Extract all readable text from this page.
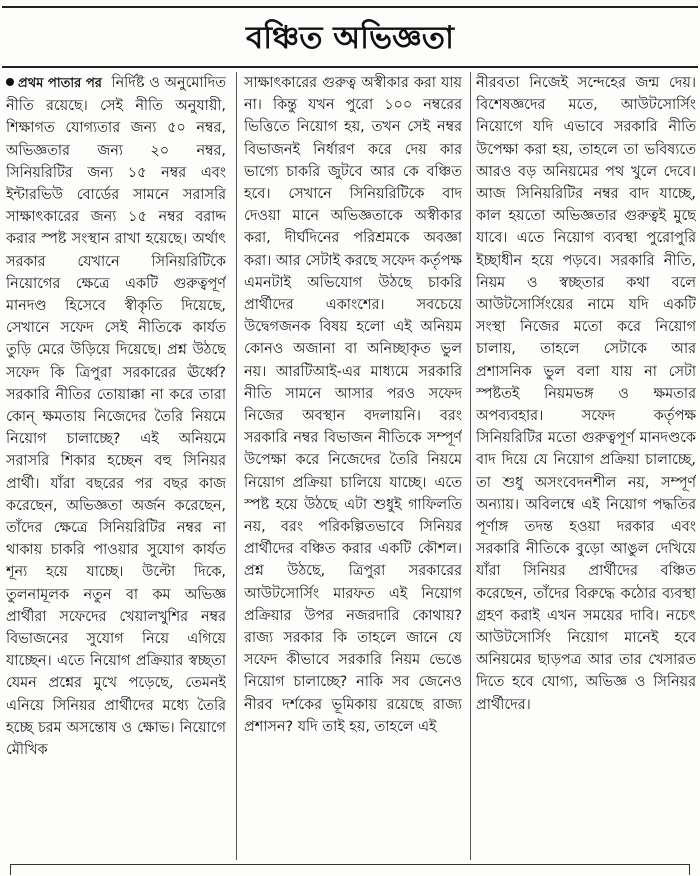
বঞ্চিত অভিজ্ঞতা

প্রথম পাতার পর নির্দিষ্ট ও অনুমোদিত নীতি রয়েছে। সেই নীতি অনুযায়ী, শিক্ষাগত যোগ্যতার জন্য ৫০ নম্বর, অভিজ্ঞতার জন্য ২০ নম্বর, সিনিয়রিটির জন্য ১৫ নম্বর এবং ইন্টারভিউ বোর্ডের সামনে সরাসরি সাক্ষাৎকারের জন্য ১৫ নম্বর বরাদ্দ করার স্পষ্ট সংস্থান রাখা হয়েছে। অর্থাৎ সরকার যেখানে সিনিয়রিটিকে নিয়োগের ক্ষেত্রে একটি গুরুত্বপূর্ণ মানদণ্ড হিসেবে স্বীকৃতি দিয়েছে, সেখানে সফেদ সেই নীতিকে কার্যত তুড়ি মেরে উড়িয়ে দিয়েছে। প্রশ্ন উঠছে সফেদ কি ত্রিপুরা সরকারের ঊর্ধ্বে? সরকারি নীতির তোয়াক্কা না করে তারা কোন্‌ ক্ষমতায় নিজেদের তৈরি নিয়মে নিয়োগ চালাচ্ছে? এই অনিয়মে সরাসরি শিকার হচ্ছেন বহু সিনিয়র প্রার্থী। যাঁরা বছরের পর বছর কাজ করেছেন, অভিজ্ঞতা অর্জন করেছেন, তাঁদের ক্ষেত্রে সিনিয়রিটির নম্বর না থাকায় চাকরি পাওয়ার সুযোগ কার্যত শূন্য হয়ে যাচ্ছে। উল্টো দিকে, তুলনামূলক নতুন বা কম অভিজ্ঞ প্রার্থীরা সফেদের খেয়ালখুশির নম্বর বিভাজনের সুযোগ নিয়ে এগিয়ে যাচ্ছেন। এতে নিয়োগ প্রক্রিয়ার স্বচ্ছতা যেমন প্রশ্নের মুখে পড়েছে, তেমনই এনিয়ে সিনিয়র প্রার্থীদের মধ্যে তৈরি হচ্ছে চরম অসন্তোষ ও ক্ষোভ। নিয়োগে মৌখিক

সাক্ষাৎকারের গুরুত্ব অস্বীকার করা যায় না। কিন্তু যখন পুরো ১০০ নম্বরের ভিত্তিতে নিয়োগ হয়, তখন সেই নম্বর বিভাজনই নির্ধারণ করে দেয় কার ভাগ্যে চাকরি জুটবে আর কে বঞ্চিত হবে। সেখানে সিনিয়রিটিকে বাদ দেওয়া মানে অভিজ্ঞতাকে অস্বীকার করা, দীর্ঘদিনের পরিশ্রমকে অবজ্ঞা করা। আর সেটাই করছে সফেদ কর্তৃপক্ষ এমনটাই অভিযোগ উঠছে চাকরি প্রার্থীদের একাংশের। সবচেয়ে উদ্বেগজনক বিষয় হলো এই অনিয়ম কোনও অজানা বা অনিচ্ছাকৃত ভুল নয়। আরটিআই-এর মাধ্যমে সরকারি নীতি সামনে আসার পরও সফেদ নিজের অবস্থান বদলায়নি। বরং সরকারি নম্বর বিভাজন নীতিকে সম্পূর্ণ উপেক্ষা করে নিজেদের তৈরি নিয়মে নিয়োগ প্রক্রিয়া চালিয়ে যাচ্ছে। এতে স্পষ্ট হয়ে উঠছে এটা শুধুই গাফিলতি নয়, বরং পরিকল্পিতভাবে সিনিয়র প্রার্থীদের বঞ্চিত করার একটি কৌশল। প্রশ্ন উঠছে, ত্রিপুরা সরকারের আউটসোর্সিং মারফত এই নিয়োগ প্রক্রিয়ার উপর নজরদারি কোথায়? রাজ্য সরকার কি তাহলে জানে যে সফেদ কীভাবে সরকারি নিয়ম ভেঙে নিয়োগ চালাচ্ছে? নাকি সব জেনেও নীরব দর্শকের ভূমিকায় রয়েছে রাজ্য প্রশাসন? যদি তাই হয়, তাহলে এই

নীরবতা নিজেই সন্দেহের জন্ম দেয়। বিশেষজ্ঞদের মতে, আউটসোর্সিং নিয়োগে যদি এভাবে সরকারি নীতি উপেক্ষা করা হয়, তাহলে তা ভবিষ্যতে আরও বড় অনিয়মের পথ খুলে দেবে। আজ সিনিয়রিটির নম্বর বাদ যাচ্ছে, কাল হয়তো অভিজ্ঞতার গুরুত্বই মুছে যাবে। এতে নিয়োগ ব্যবস্থা পুরোপুরি ইচ্ছাধীন হয়ে পড়বে। সরকারি নীতি, নিয়ম ও স্বচ্ছতার কথা বলে আউটসোর্সিংয়ের নামে যদি একটি সংস্থা নিজের মতো করে নিয়োগ চালায়, তাহলে সেটাকে আর প্রশাসনিক ভুল বলা যায় না সেটা স্পষ্টতই নিয়মভঙ্গ ও ক্ষমতার অপব্যবহার। সফেদ কর্তৃপক্ষ সিনিয়রিটির মতো গুরুত্বপূর্ণ মানদণ্ডকে বাদ দিয়ে যে নিয়োগ প্রক্রিয়া চালাচ্ছে, তা শুধু অসংবেদনশীল নয়, সম্পূর্ণ অন্যায়। অবিলম্বে এই নিয়োগ পদ্ধতির পূর্ণাঙ্গ তদন্ত হওয়া দরকার এবং সরকারি নীতিকে বুড়ো আঙুল দেখিয়ে যাঁরা সিনিয়র প্রার্থীদের বঞ্চিত করেছেন, তাঁদের বিরুদ্ধে কঠোর ব্যবস্থা গ্রহণ করাই এখন সময়ের দাবি। নচেৎ আউটসোর্সিং নিয়োগ মানেই হবে অনিয়মের ছাড়পত্র আর তার খেসারত দিতে হবে যোগ্য, অভিজ্ঞ ও সিনিয়র প্রার্থীদের।
